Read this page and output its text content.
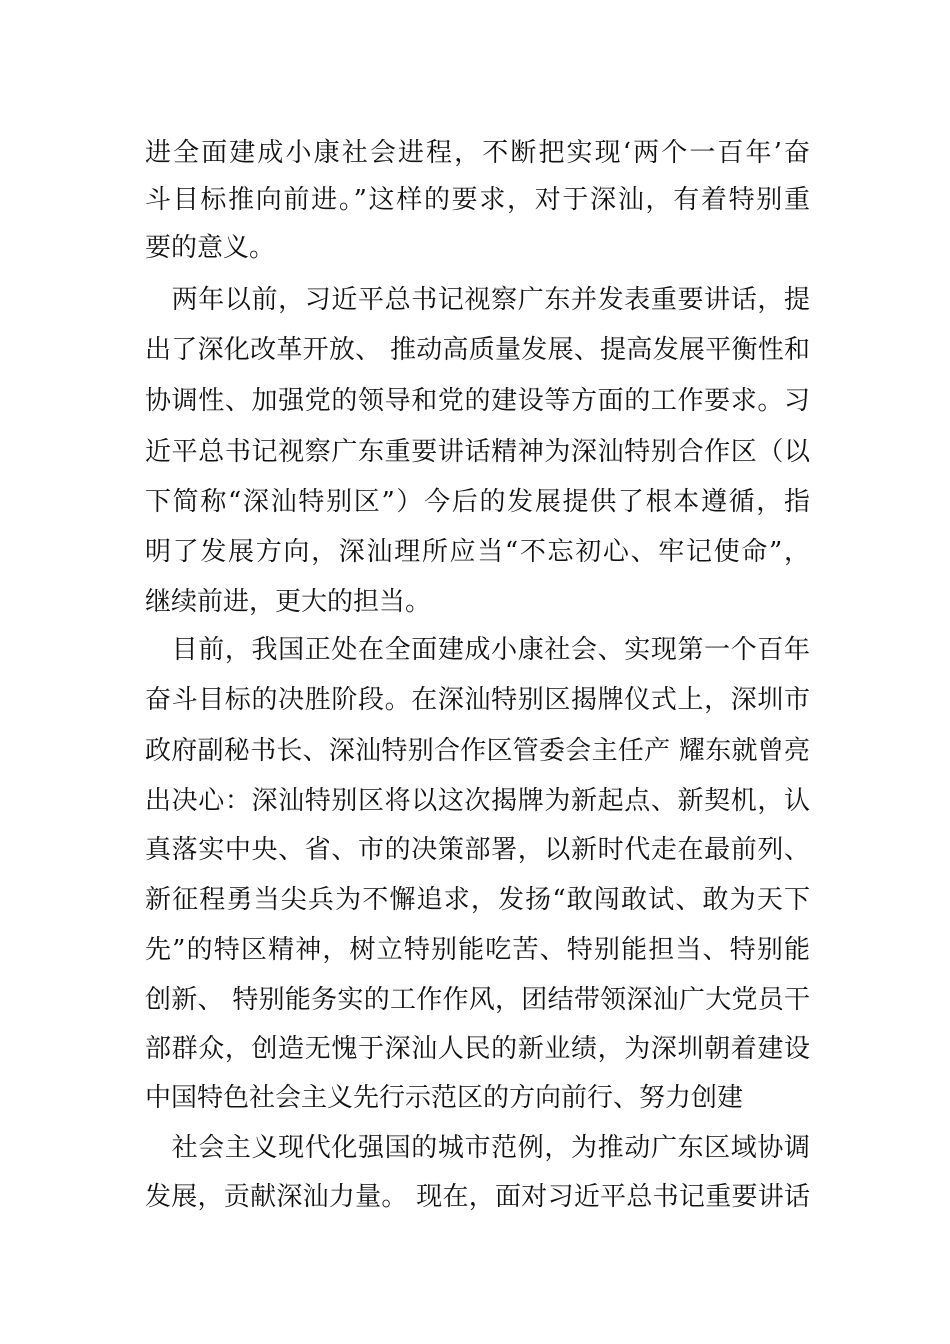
进全面建成小康社会进程，不断把实现‘两个一百年’奋
斗目标推向前进。”这样的要求，对于深汕，有着特别重
要的意义。
　两年以前，习近平总书记视察广东并发表重要讲话，提
出了深化改革开放、 推动高质量发展、提高发展平衡性和
协调性、加强党的领导和党的建设等方面的工作要求。习
近平总书记视察广东重要讲话精神为深汕特别合作区（以
下简称“深汕特别区”）今后的发展提供了根本遵循，指
明了发展方向，深汕理所应当“不忘初心、牢记使命”，
继续前进，更大的担当。
　目前，我国正处在全面建成小康社会、实现第一个百年
奋斗目标的决胜阶段。在深汕特别区揭牌仪式上，深圳市
政府副秘书长、深汕特别合作区管委会主任产 耀东就曾亮
出决心：深汕特别区将以这次揭牌为新起点、新契机，认
真落实中央、省、市的决策部署，以新时代走在最前列、
新征程勇当尖兵为不懈追求，发扬“敢闯敢试、敢为天下
先”的特区精神，树立特别能吃苦、特别能担当、特别能
创新、 特别能务实的工作作风，团结带领深汕广大党员干
部群众，创造无愧于深汕人民的新业绩，为深圳朝着建设
中国特色社会主义先行示范区的方向前行、努力创建
　社会主义现代化强国的城市范例，为推动广东区域协调
发展，贡献深汕力量。 现在，面对习近平总书记重要讲话
